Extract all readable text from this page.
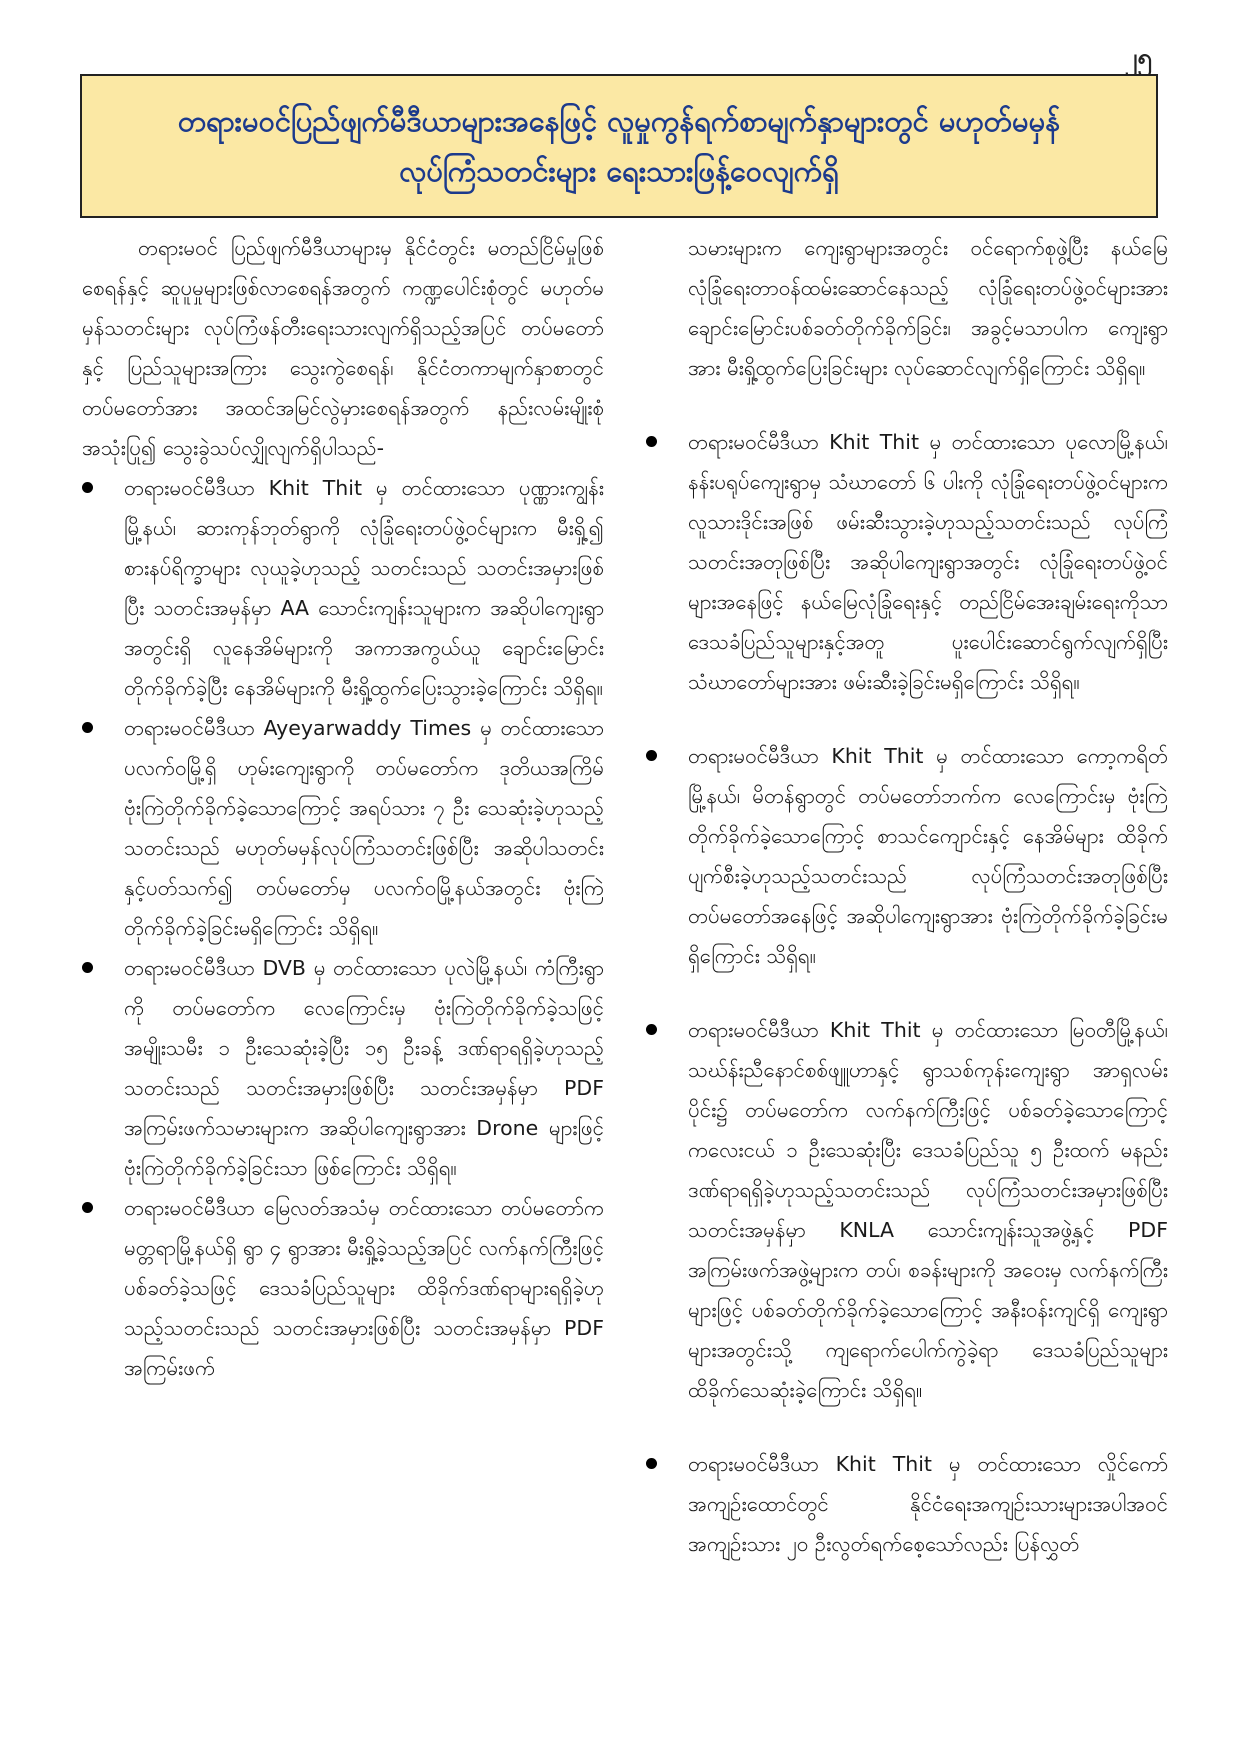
၂၅
တရားမဝင်ပြည်ဖျက်မီဒီယာများအနေဖြင့် လူမှုကွန်ရက်စာမျက်နှာများတွင် မဟုတ်မမှန်
လုပ်ကြံသတင်းများ ရေးသားဖြန့်ဝေလျက်ရှိ

တရားမဝင် ပြည်ဖျက်မီဒီယာများမှ နိုင်ငံတွင်း မတည်ငြိမ်မှုဖြစ်စေရန်နှင့် ဆူပူမှုများဖြစ်လာစေရန်အတွက် ကဏ္ဍပေါင်းစုံတွင် မဟုတ်မမှန်သတင်းများ လုပ်ကြံဖန်တီးရေးသားလျက်ရှိသည့်အပြင် တပ်မတော်နှင့် ပြည်သူများအကြား သွေးကွဲစေရန်၊ နိုင်ငံတကာမျက်နှာစာတွင် တပ်မတော်အား အထင်အမြင်လွဲမှားစေရန်အတွက် နည်းလမ်းမျိုးစုံအသုံးပြု၍ သွေးခွဲသပ်လျှိုလျက်ရှိပါသည်-

တရားမဝင်မီဒီယာ Khit Thit မှ တင်ထားသော ပုဏ္ဏားကျွန်းမြို့နယ်၊ ဆားကုန်ဘုတ်ရွာကို လုံခြုံရေးတပ်ဖွဲ့ဝင်များက မီးရှို့၍ စားနပ်ရိက္ခာများ လုယူခဲ့ဟုသည့် သတင်းသည် သတင်းအမှားဖြစ်ပြီး သတင်းအမှန်မှာ AA သောင်းကျန်းသူများက အဆိုပါကျေးရွာအတွင်းရှိ လူနေအိမ်များကို အကာအကွယ်ယူ ချောင်းမြောင်းတိုက်ခိုက်ခဲ့ပြီး နေအိမ်များကို မီးရှို့ထွက်ပြေးသွားခဲ့ကြောင်း သိရှိရ။

တရားမဝင်မီဒီယာ Ayeyarwaddy Times မှ တင်ထားသော ပလက်ဝမြို့ရှိ ဟုမ်းကျေးရွာကို တပ်မတော်က ဒုတိယအကြိမ် ဗုံးကြဲတိုက်ခိုက်ခဲ့သောကြောင့် အရပ်သား ၇ ဦး သေဆုံးခဲ့ဟုသည့်သတင်းသည် မဟုတ်မမှန်လုပ်ကြံသတင်းဖြစ်ပြီး အဆိုပါသတင်းနှင့်ပတ်သက်၍ တပ်မတော်မှ ပလက်ဝမြို့နယ်အတွင်း ဗုံးကြဲတိုက်ခိုက်ခဲ့ခြင်းမရှိကြောင်း သိရှိရ။

တရားမဝင်မီဒီယာ DVB မှ တင်ထားသော ပုလဲမြို့နယ်၊ ကံကြီးရွာကို တပ်မတော်က လေကြောင်းမှ ဗုံးကြဲတိုက်ခိုက်ခဲ့သဖြင့် အမျိုးသမီး ၁ ဦးသေဆုံးခဲ့ပြီး ၁၅ ဦးခန့် ဒဏ်ရာရရှိခဲ့ဟုသည့်သတင်းသည် သတင်းအမှားဖြစ်ပြီး သတင်းအမှန်မှာ PDF အကြမ်းဖက်သမားများက အဆိုပါကျေးရွာအား Drone များဖြင့် ဗုံးကြဲတိုက်ခိုက်ခဲ့ခြင်းသာ ဖြစ်ကြောင်း သိရှိရ။

တရားမဝင်မီဒီယာ မြေလတ်အသံမှ တင်ထားသော တပ်မတော်က မတ္တရာမြို့နယ်ရှိ ရွာ ၄ ရွာအား မီးရှို့ခဲ့သည့်အပြင် လက်နက်ကြီးဖြင့် ပစ်ခတ်ခဲ့သဖြင့် ဒေသခံပြည်သူများ ထိခိုက်ဒဏ်ရာများရရှိခဲ့ဟုသည့်သတင်းသည် သတင်းအမှားဖြစ်ပြီး သတင်းအမှန်မှာ PDF အကြမ်းဖက်

သမားများက ကျေးရွာများအတွင်း ဝင်ရောက်စုဖွဲ့ပြီး နယ်မြေလုံခြုံရေးတာဝန်ထမ်းဆောင်နေသည့် လုံခြုံရေးတပ်ဖွဲ့ဝင်များအား ချောင်းမြောင်းပစ်ခတ်တိုက်ခိုက်ခြင်း၊ အခွင့်မသာပါက ကျေးရွာအား မီးရှို့ထွက်ပြေးခြင်းများ လုပ်ဆောင်လျက်ရှိကြောင်း သိရှိရ။

တရားမဝင်မီဒီယာ Khit Thit မှ တင်ထားသော ပုလောမြို့နယ်၊ နန်းပရုပ်ကျေးရွာမှ သံဃာတော် ၆ ပါးကို လုံခြုံရေးတပ်ဖွဲ့ဝင်များက လူသားဒိုင်းအဖြစ် ဖမ်းဆီးသွားခဲ့ဟုသည့်သတင်းသည် လုပ်ကြံသတင်းအတုဖြစ်ပြီး အဆိုပါကျေးရွာအတွင်း လုံခြုံရေးတပ်ဖွဲ့ဝင်များအနေဖြင့် နယ်မြေလုံခြုံရေးနှင့် တည်ငြိမ်အေးချမ်းရေးကိုသာ ဒေသခံပြည်သူများနှင့်အတူ ပူးပေါင်းဆောင်ရွက်လျက်ရှိပြီး သံဃာတော်များအား ဖမ်းဆီးခဲ့ခြင်းမရှိကြောင်း သိရှိရ။

တရားမဝင်မီဒီယာ Khit Thit မှ တင်ထားသော ကော့ကရိတ်မြို့နယ်၊ မိတန်ရွာတွင် တပ်မတော်ဘက်က လေကြောင်းမှ ဗုံးကြဲတိုက်ခိုက်ခဲ့သောကြောင့် စာသင်ကျောင်းနှင့် နေအိမ်များ ထိခိုက်ပျက်စီးခဲ့ဟုသည့်သတင်းသည် လုပ်ကြံသတင်းအတုဖြစ်ပြီး တပ်မတော်အနေဖြင့် အဆိုပါကျေးရွာအား ဗုံးကြဲတိုက်ခိုက်ခဲ့ခြင်းမရှိကြောင်း သိရှိရ။

တရားမဝင်မီဒီယာ Khit Thit မှ တင်ထားသော မြဝတီမြို့နယ်၊ သဃ်န်းညီနောင်စစ်ဖျူဟာနှင့် ရွာသစ်ကုန်းကျေးရွာ အာရှလမ်းပိုင်း၌ တပ်မတော်က လက်နက်ကြီးဖြင့် ပစ်ခတ်ခဲ့သောကြောင့် ကလေးငယ် ၁ ဦးသေဆုံးပြီး ဒေသခံပြည်သူ ၅ ဦးထက် မနည်း ဒဏ်ရာရရှိခဲ့ဟုသည့်သတင်းသည် လုပ်ကြံသတင်းအမှားဖြစ်ပြီး သတင်းအမှန်မှာ KNLA သောင်းကျန်းသူအဖွဲ့နှင့် PDF အကြမ်းဖက်အဖွဲ့များက တပ်၊ စခန်းများကို အဝေးမှ လက်နက်ကြီးများဖြင့် ပစ်ခတ်တိုက်ခိုက်ခဲ့သောကြောင့် အနီးဝန်းကျင်ရှိ ကျေးရွာများအတွင်းသို့ ကျရောက်ပေါက်ကွဲခဲ့ရာ ဒေသခံပြည်သူများ ထိခိုက်သေဆုံးခဲ့ကြောင်း သိရှိရ။

တရားမဝင်မီဒီယာ Khit Thit မှ တင်ထားသော လှိုင်ကော်အကျဉ်းထောင်တွင် နိုင်ငံရေးအကျဉ်းသားများအပါအဝင် အကျဉ်းသား ၂၀ ဦးလွတ်ရက်စေ့သော်လည်း ပြန်လွှတ်
